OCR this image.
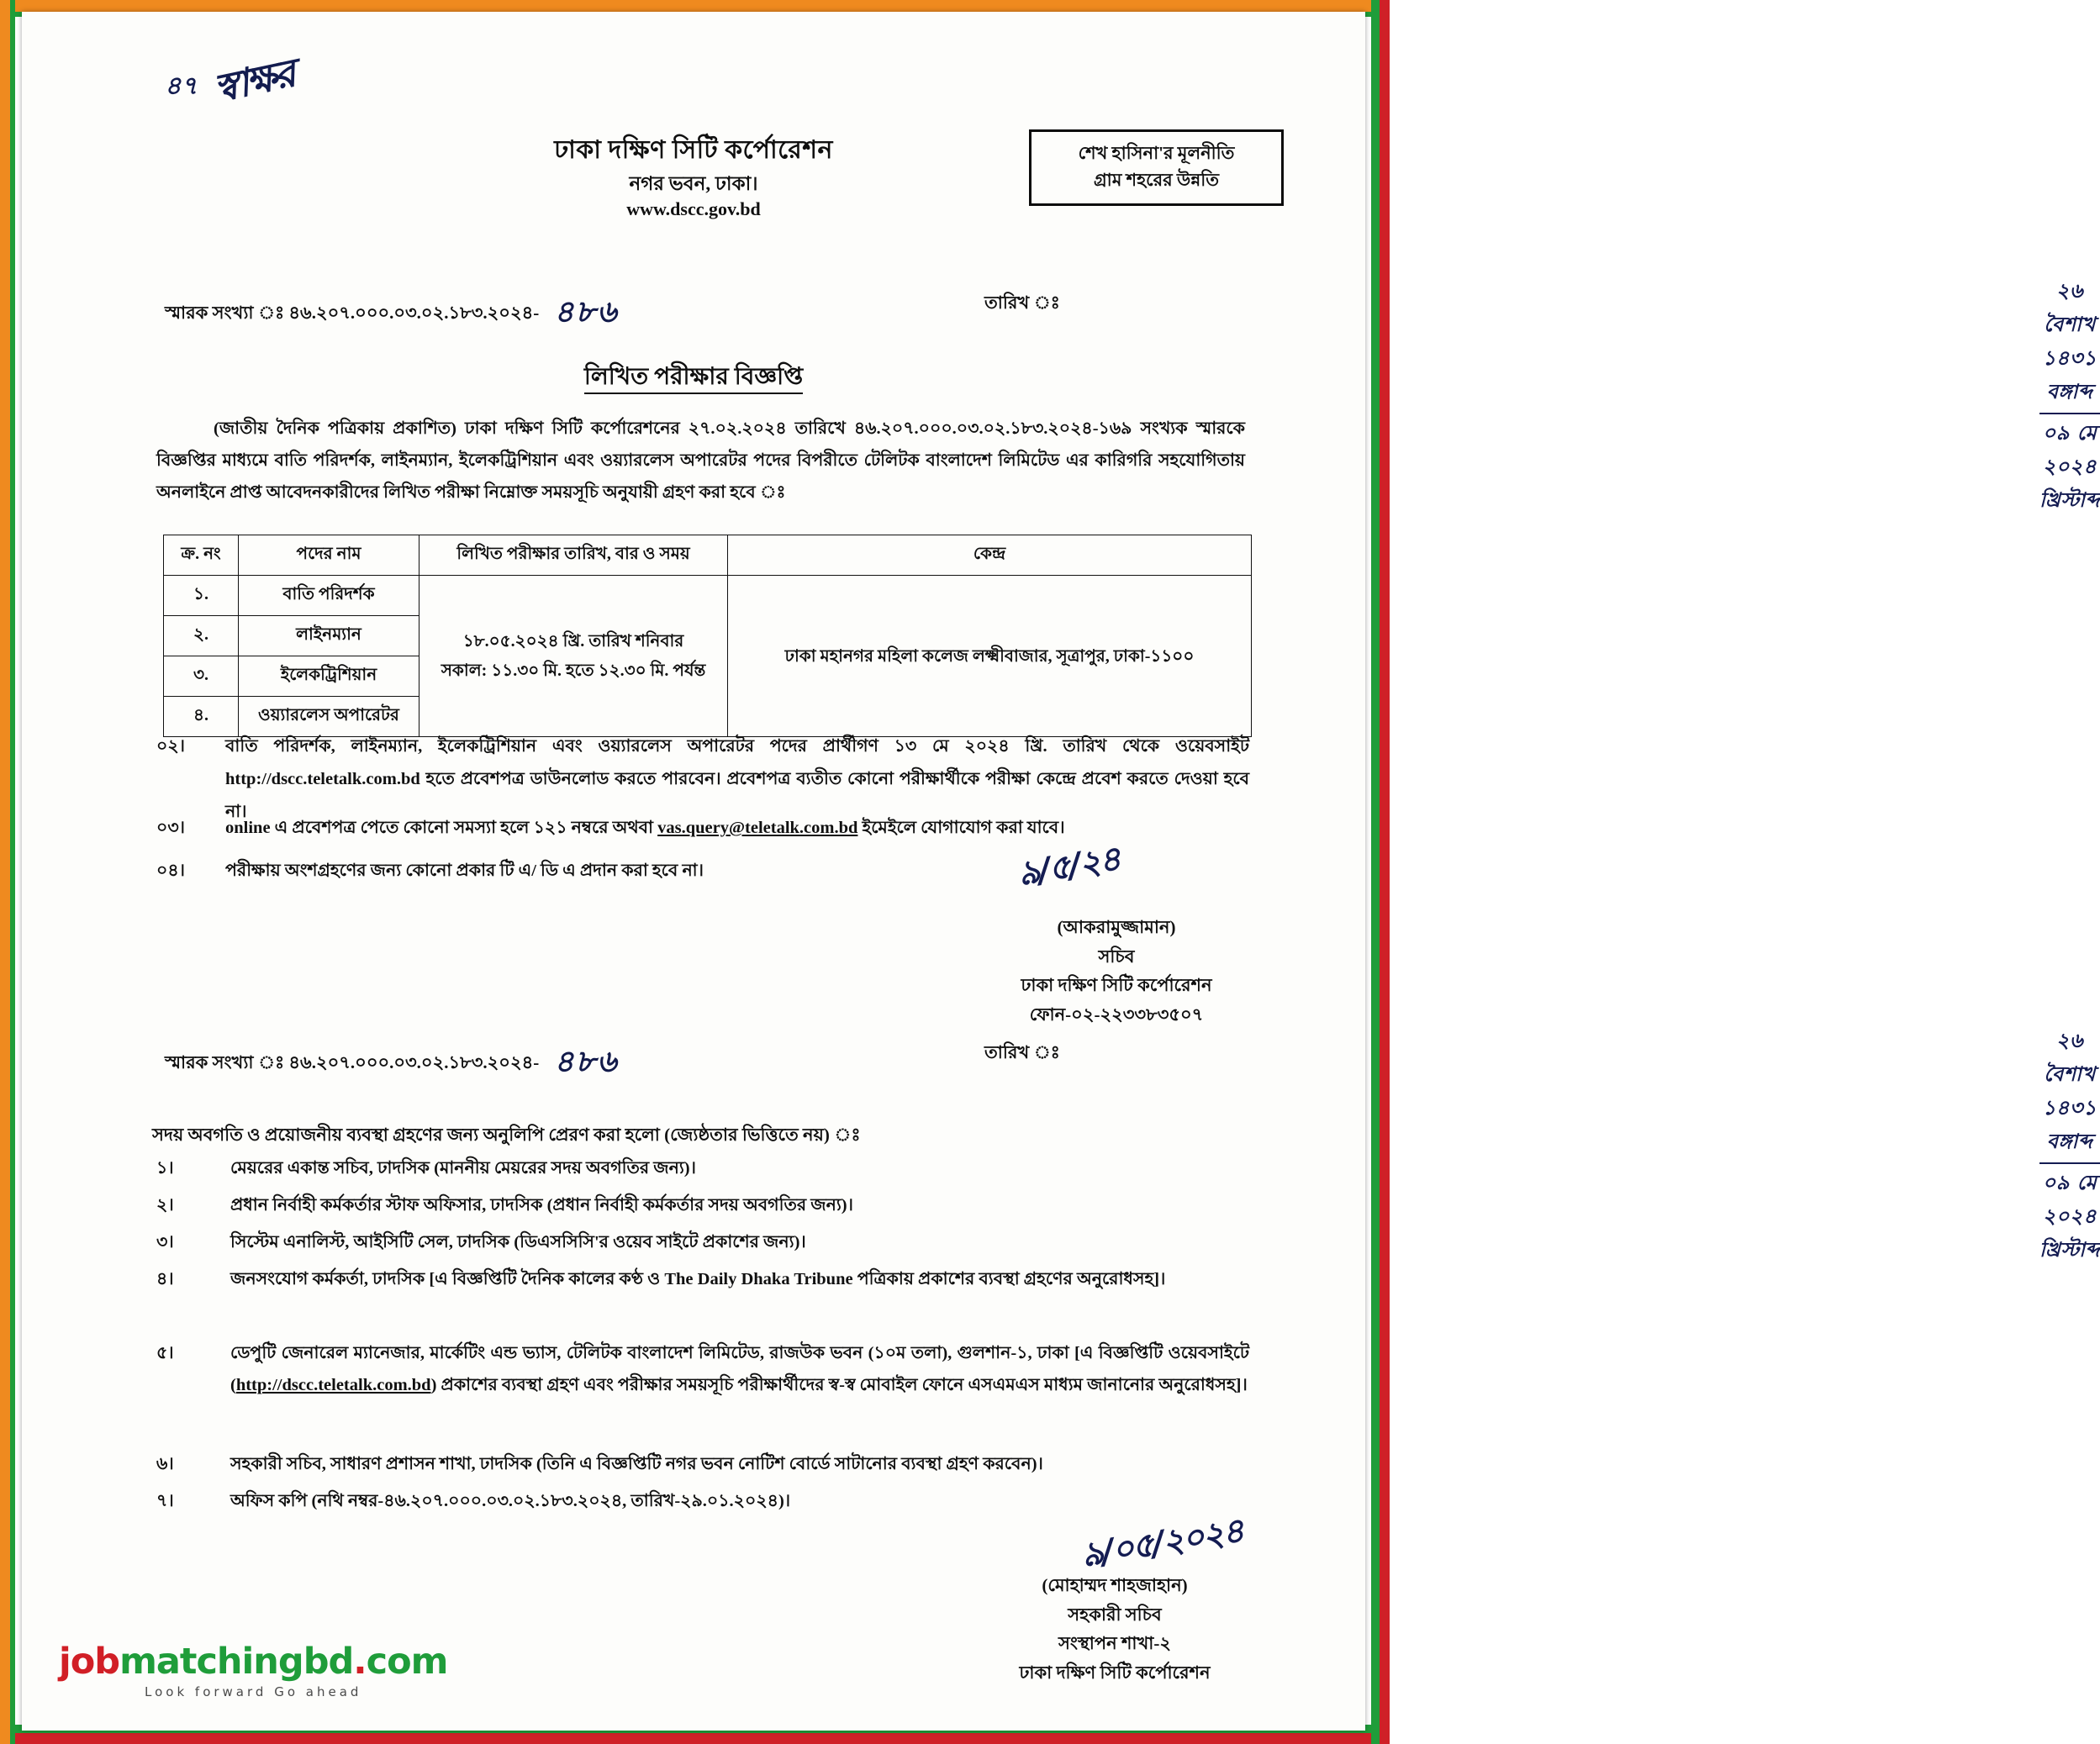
৪৭ স্বাক্ষর
ঢাকা দক্ষিণ সিটি কর্পোরেশন
নগর ভবন, ঢাকা।
www.dscc.gov.bd
শেখ হাসিনা'র মূলনীতি
গ্রাম শহরের উন্নতি
স্মারক সংখ্যা ঃ ৪৬.২০৭.০০০.০৩.০২.১৮৩.২০২৪- ৪৮৬	তারিখ ঃ	২৬ বৈশাখ ১৪৩১ বঙ্গাব্দ
০৯ মে ২০২৪ খ্রিস্টাব্দ
লিখিত পরীক্ষার বিজ্ঞপ্তি
(জাতীয় দৈনিক পত্রিকায় প্রকাশিত) ঢাকা দক্ষিণ সিটি কর্পোরেশনের ২৭.০২.২০২৪ তারিখে ৪৬.২০৭.০০০.০৩.০২.১৮৩.২০২৪-১৬৯ সংখ্যক স্মারকে বিজ্ঞপ্তির মাধ্যমে বাতি পরিদর্শক, লাইনম্যান, ইলেকট্রিশিয়ান এবং ওয়্যারলেস অপারেটর পদের বিপরীতে টেলিটক বাংলাদেশ লিমিটেড এর কারিগরি সহযোগিতায় অনলাইনে প্রাপ্ত আবেদনকারীদের লিখিত পরীক্ষা নিম্নোক্ত সময়সূচি অনুযায়ী গ্রহণ করা হবে ঃ
ক্র. নং	পদের নাম	লিখিত পরীক্ষার তারিখ, বার ও সময়	কেন্দ্র
১.	বাতি পরিদর্শক	১৮.০৫.২০২৪ খ্রি. তারিখ শনিবার
সকাল: ১১.৩০ মি. হতে ১২.৩০ মি. পর্যন্ত	ঢাকা মহানগর মহিলা কলেজ লক্ষ্মীবাজার, সূত্রাপুর, ঢাকা-১১০০
২.	লাইনম্যান		
৩.	ইলেকট্রিশিয়ান		
৪.	ওয়্যারলেস অপারেটর		
০২।	বাতি পরিদর্শক, লাইনম্যান, ইলেকট্রিশিয়ান এবং ওয়্যারলেস অপারেটর পদের প্রার্থীগণ ১৩ মে ২০২৪ খ্রি. তারিখ থেকে ওয়েবসাইট http://dscc.teletalk.com.bd হতে প্রবেশপত্র ডাউনলোড করতে পারবেন। প্রবেশপত্র ব্যতীত কোনো পরীক্ষার্থীকে পরীক্ষা কেন্দ্রে প্রবেশ করতে দেওয়া হবে না।
০৩।	online এ প্রবেশপত্র পেতে কোনো সমস্যা হলে ১২১ নম্বরে অথবা vas.query@teletalk.com.bd ইমেইলে যোগাযোগ করা যাবে।
০৪।	পরীক্ষায় অংশগ্রহণের জন্য কোনো প্রকার টি এ/ ডি এ প্রদান করা হবে না।	৯/৫/২৪
(আকরামুজ্জামান)
সচিব
ঢাকা দক্ষিণ সিটি কর্পোরেশন
ফোন-০২-২২৩৩৮৩৫০৭
স্মারক সংখ্যা ঃ ৪৬.২০৭.০০০.০৩.০২.১৮৩.২০২৪- ৪৮৬	তারিখ ঃ	২৬ বৈশাখ ১৪৩১ বঙ্গাব্দ
০৯ মে ২০২৪ খ্রিস্টাব্দ
সদয় অবগতি ও প্রয়োজনীয় ব্যবস্থা গ্রহণের জন্য অনুলিপি প্রেরণ করা হলো (জ্যেষ্ঠতার ভিত্তিতে নয়) ঃ
১।	মেয়রের একান্ত সচিব, ঢাদসিক (মাননীয় মেয়রের সদয় অবগতির জন্য)।
২।	প্রধান নির্বাহী কর্মকর্তার স্টাফ অফিসার, ঢাদসিক (প্রধান নির্বাহী কর্মকর্তার সদয় অবগতির জন্য)।
৩।	সিস্টেম এনালিস্ট, আইসিটি সেল, ঢাদসিক (ডিএসসিসি'র ওয়েব সাইটে প্রকাশের জন্য)।
৪।	জনসংযোগ কর্মকর্তা, ঢাদসিক [এ বিজ্ঞপ্তিটি দৈনিক কালের কণ্ঠ ও The Daily Dhaka Tribune পত্রিকায় প্রকাশের ব্যবস্থা গ্রহণের অনুরোধসহ]।
৫।	ডেপুটি জেনারেল ম্যানেজার, মার্কেটিং এন্ড ভ্যাস, টেলিটক বাংলাদেশ লিমিটেড, রাজউক ভবন (১০ম তলা), গুলশান-১, ঢাকা [এ বিজ্ঞপ্তিটি ওয়েবসাইটে (http://dscc.teletalk.com.bd) প্রকাশের ব্যবস্থা গ্রহণ এবং পরীক্ষার সময়সূচি পরীক্ষার্থীদের স্ব-স্ব মোবাইল ফোনে এসএমএস মাধ্যম জানানোর অনুরোধসহ]।
৬।	সহকারী সচিব, সাধারণ প্রশাসন শাখা, ঢাদসিক (তিনি এ বিজ্ঞপ্তিটি নগর ভবন নোটিশ বোর্ডে সাটানোর ব্যবস্থা গ্রহণ করবেন)।
৭।	অফিস কপি (নথি নম্বর-৪৬.২০৭.০০০.০৩.০২.১৮৩.২০২৪, তারিখ-২৯.০১.২০২৪)।
৯/০৫/২০২৪
(মোহাম্মদ শাহজাহান)
সহকারী সচিব
সংস্থাপন শাখা-২
ঢাকা দক্ষিণ সিটি কর্পোরেশন
jobmatchingbd.com
Look forward Go ahead
